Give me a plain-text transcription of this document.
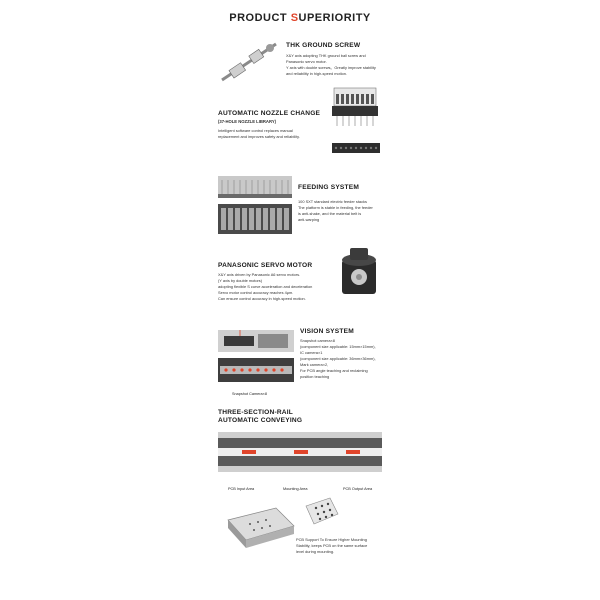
PRODUCT SUPERIORITY
THK GROUND SCREW
X&Y axis adopting THK ground ball screw and
Panasonic servo motor.
Y axis with double screws。Greatly improve stability
and reliability in high-speed motion.
AUTOMATIC NOZZLE CHANGE
(37-HOLE NOZZLE LIBRARY)
Intelligent software control replaces manual
replacement and improves safety and reliability.
FEEDING SYSTEM
100 SXT standard electric feeder stacks
The platform is stable in feeding, the feeder
is anti-shake, and the material belt is
anti-warping
PANASONIC SERVO MOTOR
X&Y axis driven by Panasonic A6 servo motors.
(Y axis by double motors)
adopting flexible S curve acceleration and deceleration
Servo motor control accuracy reaches 4μm.
Can ensure control accuracy in high-speed motion.
Snapshot Camera×8
VISION SYSTEM
Snapshot camera×8
(component size applicable: 15mm×15mm),
IC camera×1
(component size applicable: 36mm×36mm),
Mark camera×2,
For PCB angle teaching and reclaiming
position teaching
THREE-SECTION-RAIL
AUTOMATIC CONVEYING
PCB Input Area	Mounting Area	PCB Output Area
PCB Support To Ensure Higher Mounting
Stability, keeps PCB on the same surface
level during mounting.
